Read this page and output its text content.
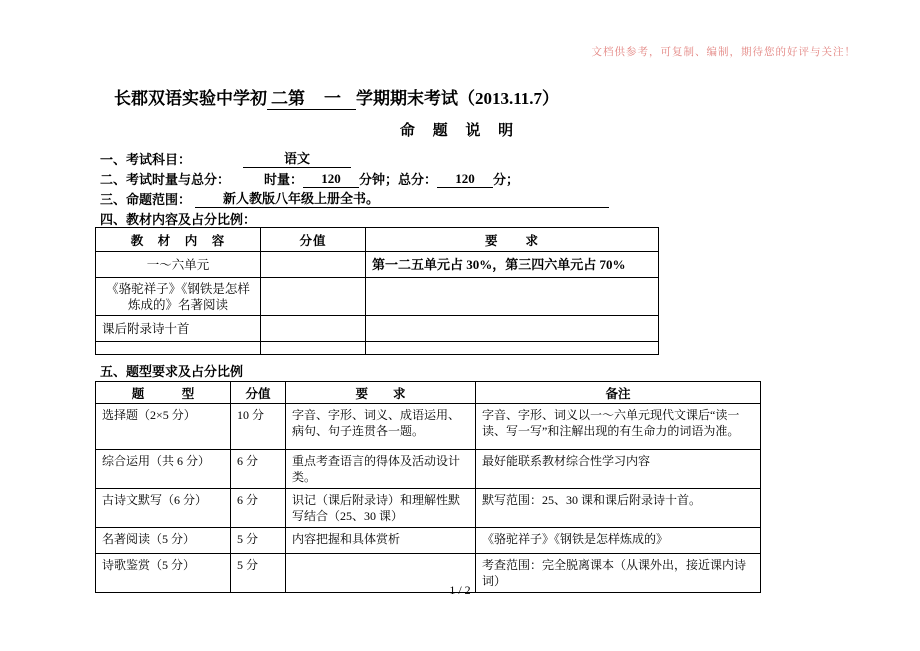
文档供参考，可复制、编制，期待您的好评与关注！
长郡双语实验中学初 二第 一 学期期末考试（2013.11.7）
命 题 说 明
一、考试科目：	语文
二、考试时量与总分：	时量： 120 分钟；总分： 120 分；
三、命题范围： 新人教版八年级上册全书。
四、教材内容及占分比例：
教　材　内　容	分值	要　　求
一～六单元		第一二五单元占 30%，第三四六单元占 70%
《骆驼祥子》《钢铁是怎样炼成的》名著阅读		
课后附录诗十首		

五、题型要求及占分比例
题　　　型	分值	要　　求	备注
选择题（2×5 分）	10 分	字音、字形、词义、成语运用、病句、句子连贯各一题。	字音、字形、词义以一～六单元现代文课后“读一读、写一写”和注解出现的有生命力的词语为准。
综合运用（共 6 分）	6 分	重点考查语言的得体及活动设计类。	最好能联系教材综合性学习内容
古诗文默写（6 分）	6 分	识记（课后附录诗）和理解性默写结合（25、30 课）	默写范围：25、30 课和课后附录诗十首。
名著阅读（5 分）	5 分	内容把握和具体赏析	《骆驼祥子》《钢铁是怎样炼成的》
诗歌鉴赏（5 分）	5 分		考查范围：完全脱离课本（从课外出，接近课内诗词）
1 / 2
